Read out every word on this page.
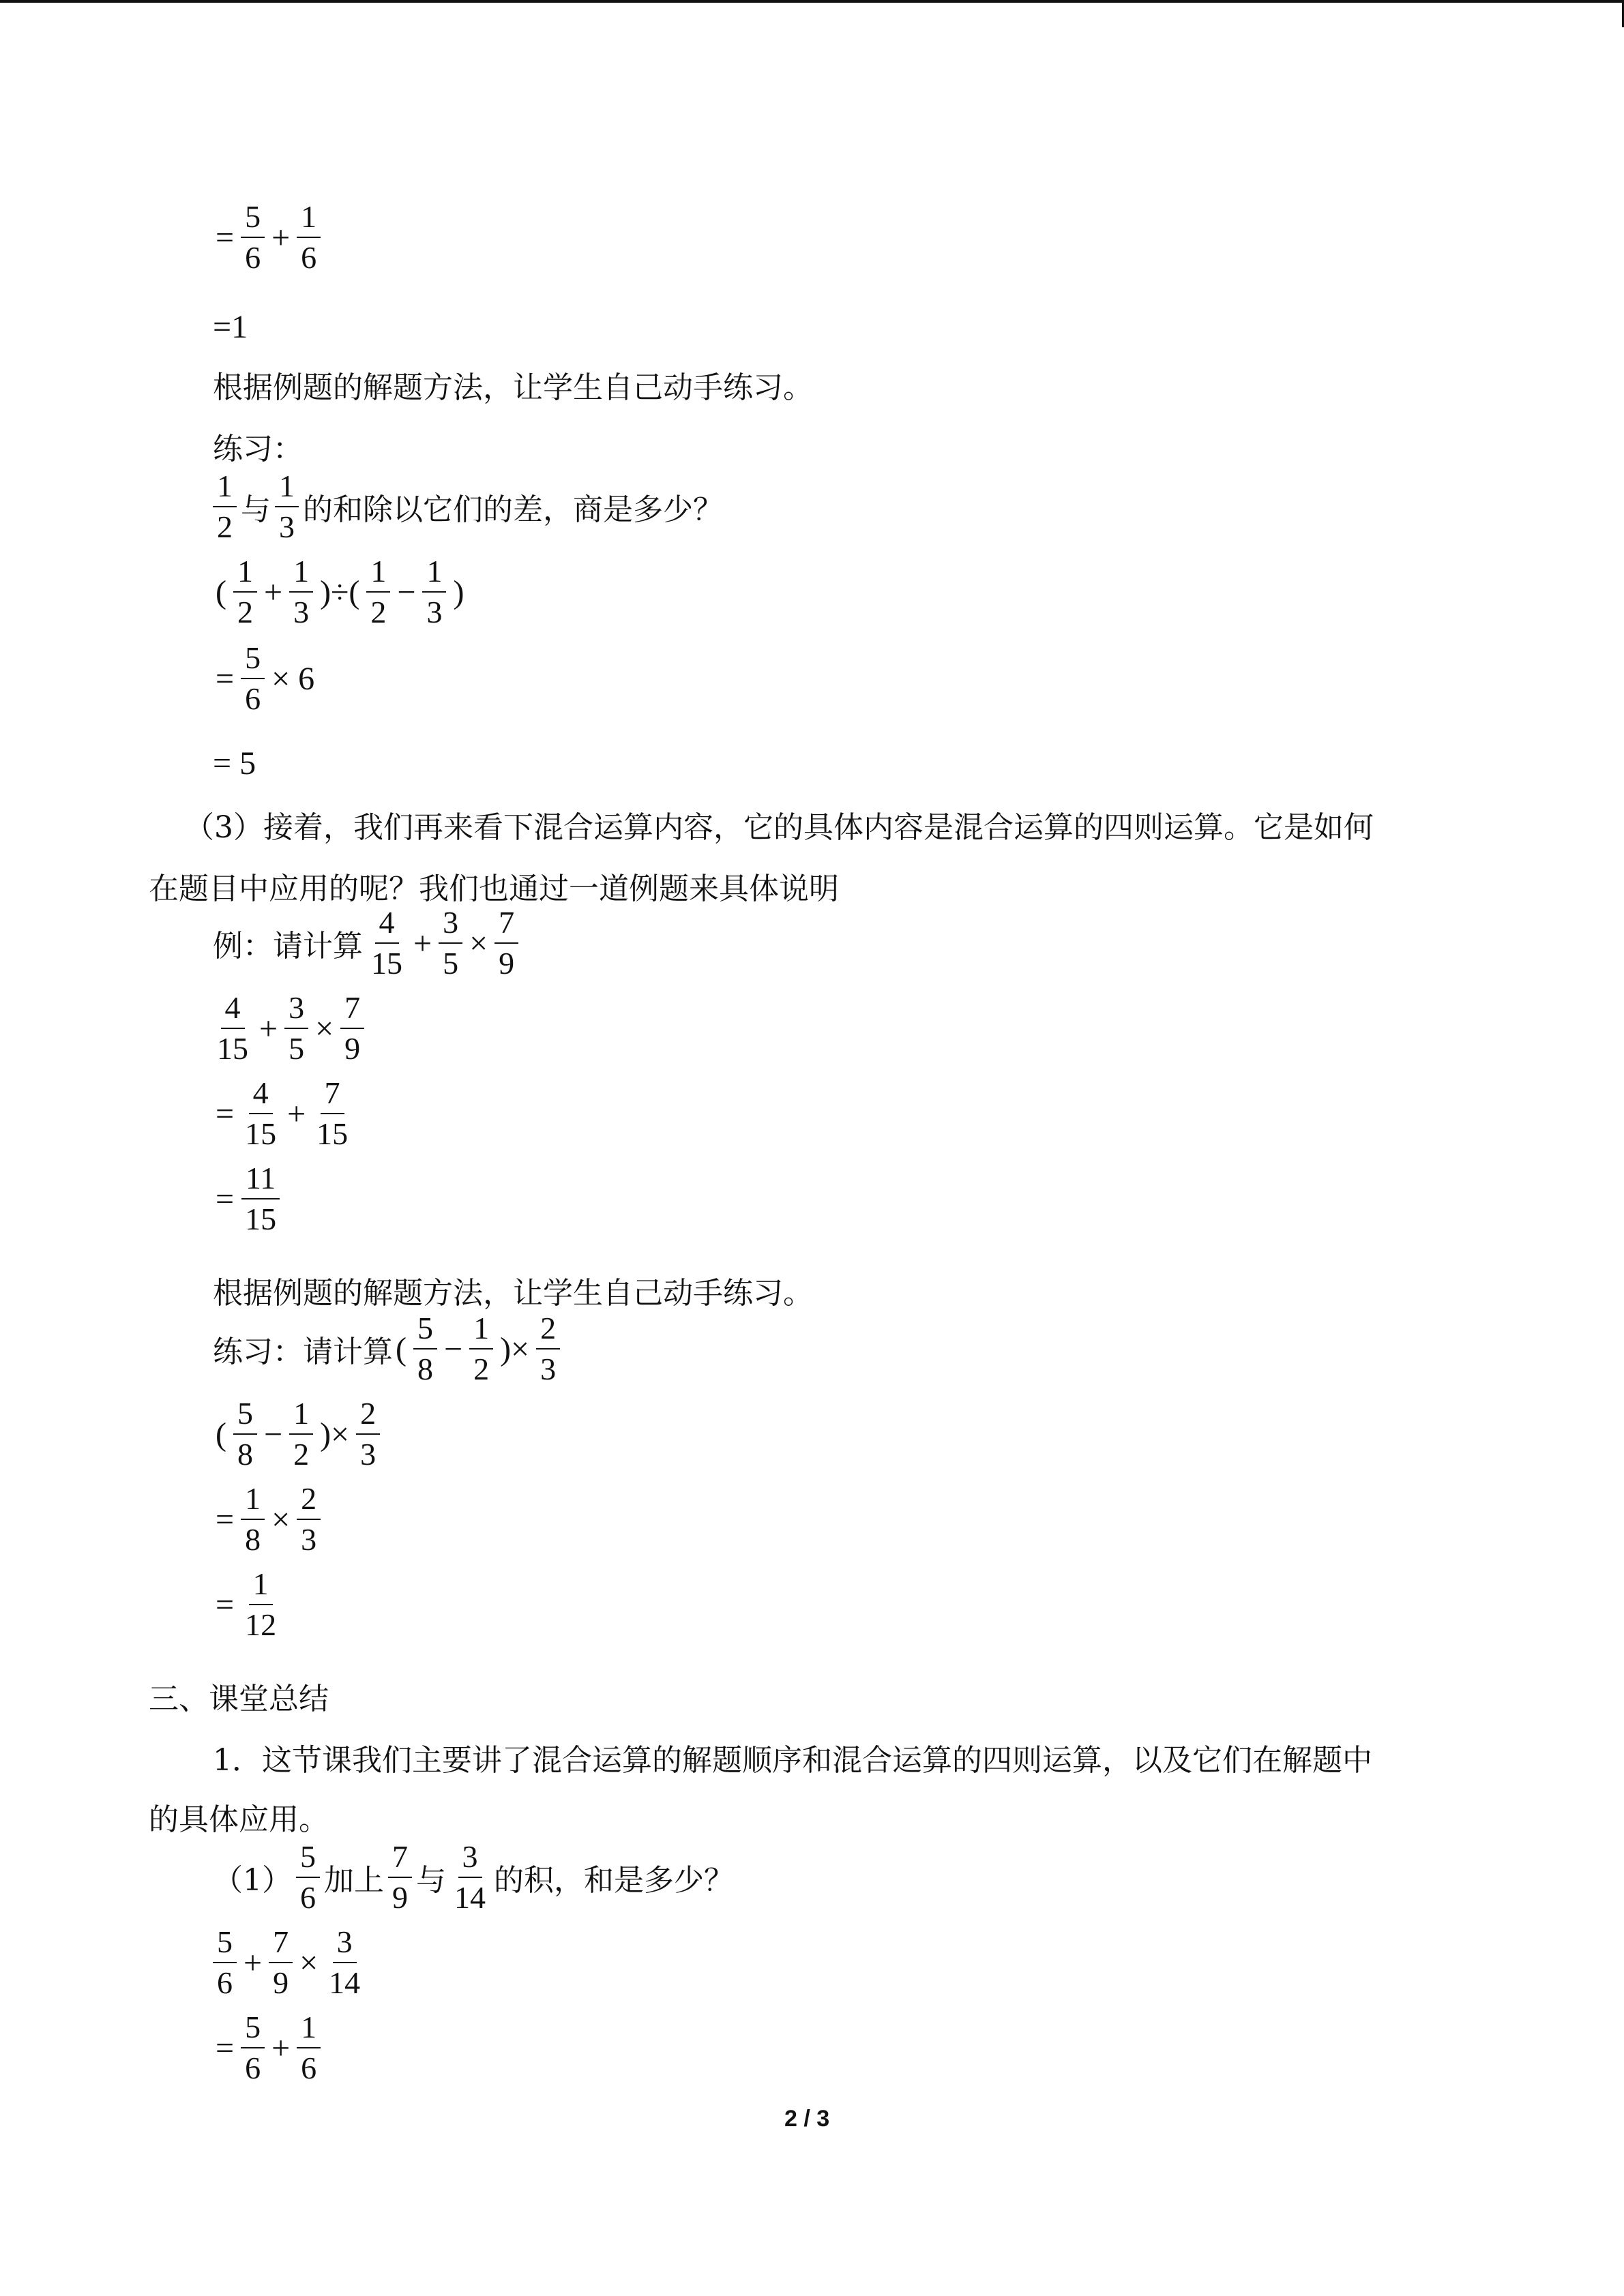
= $\frac{5}{6} + \frac{1}{6}$
=1
根据例题的解题方法，让学生自己动手练习。
练习：
$\frac{1}{2}$ 与 $\frac{1}{3}$ 的和除以它们的差，商是多少？
( $\frac{1}{2} + \frac{1}{3}$ )÷( $\frac{1}{2} - \frac{1}{3}$ )
= $\frac{5}{6} \times 6$
= 5
（3）接着，我们再来看下混合运算内容，它的具体内容是混合运算的四则运算。它是如何
在题目中应用的呢？我们也通过一道例题来具体说明
例：请计算 $\frac{4}{15} + \frac{3}{5} \times \frac{7}{9}$
$\frac{4}{15} + \frac{3}{5} \times \frac{7}{9}$
= $\frac{4}{15} + \frac{7}{15}$
= $\frac{11}{15}$
根据例题的解题方法，让学生自己动手练习。
练习：请计算 ( $\frac{5}{8} - \frac{1}{2}$ )× $\frac{2}{3}$
( $\frac{5}{8} - \frac{1}{2}$ )× $\frac{2}{3}$
= $\frac{1}{8} \times \frac{2}{3}$
= $\frac{1}{12}$
三、课堂总结
1．这节课我们主要讲了混合运算的解题顺序和混合运算的四则运算，以及它们在解题中
的具体应用。
$(1) \frac{5}{6}$ 加上 $\frac{7}{9}$ 与 $\frac{3}{14}$ 的积，和是多少？
$\frac{5}{6} + \frac{7}{9} \times \frac{3}{14}$
= $\frac{5}{6} + \frac{1}{6}$
2 / 3
